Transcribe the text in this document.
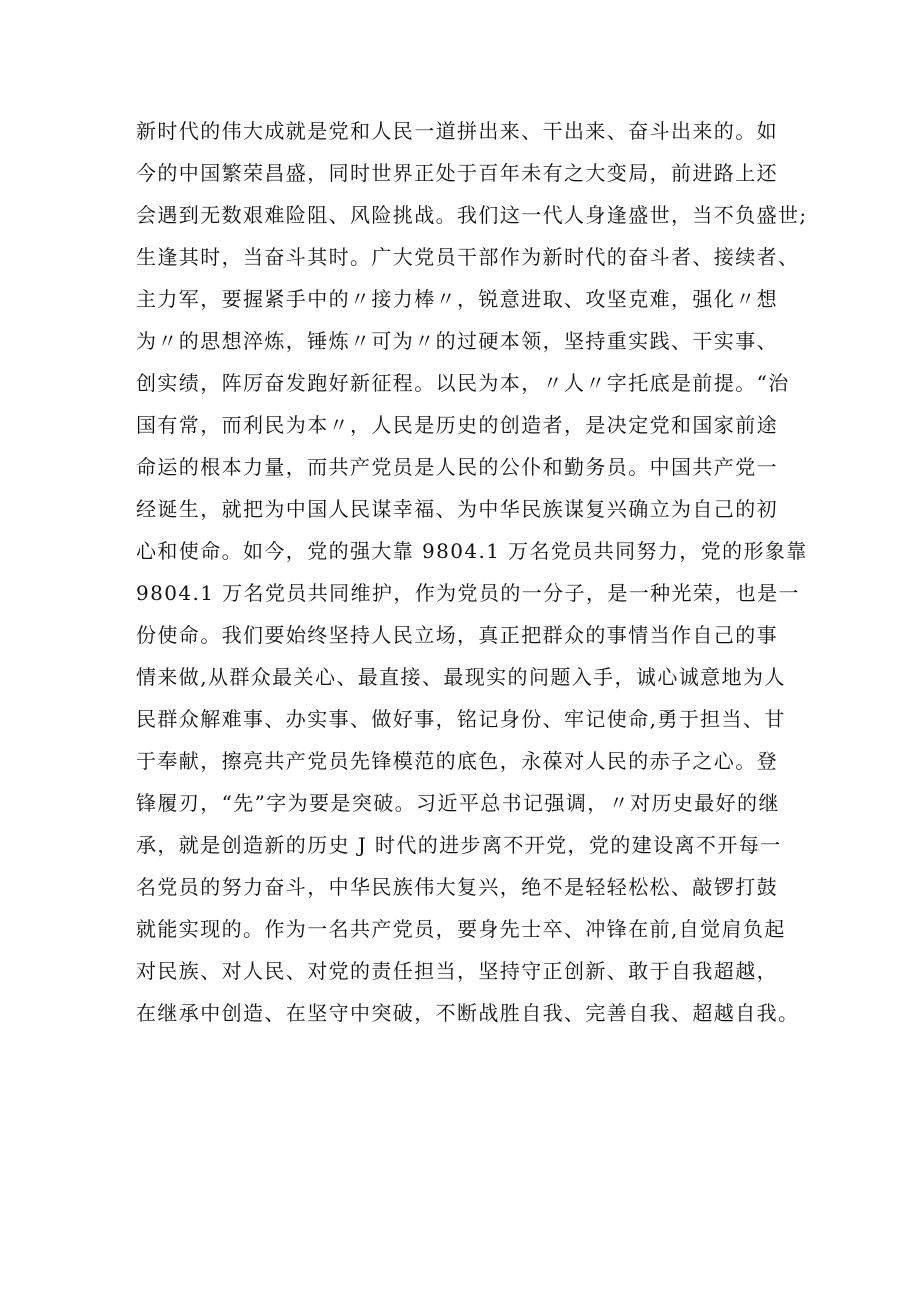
新时代的伟大成就是党和人民一道拼出来、干出来、奋斗出来的。如
今的中国繁荣昌盛，同时世界正处于百年未有之大变局，前进路上还
会遇到无数艰难险阻、风险挑战。我们这一代人身逢盛世，当不负盛世;
生逢其时，当奋斗其时。广大党员干部作为新时代的奋斗者、接续者、
主力军，要握紧手中的〃接力棒〃，锐意进取、攻坚克难，强化〃想
为〃的思想淬炼，锤炼〃可为〃的过硬本领，坚持重实践、干实事、
创实绩，阵厉奋发跑好新征程。以民为本，〃人〃字托底是前提。“治
国有常，而利民为本〃，人民是历史的创造者，是决定党和国家前途
命运的根本力量，而共产党员是人民的公仆和勤务员。中国共产党一
经诞生，就把为中国人民谋幸福、为中华民族谋复兴确立为自己的初
心和使命。如今，党的强大靠 9804.1 万名党员共同努力，党的形象靠
9804.1 万名党员共同维护，作为党员的一分子，是一种光荣，也是一
份使命。我们要始终坚持人民立场，真正把群众的事情当作自己的事
情来做,从群众最关心、最直接、最现实的问题入手，诚心诚意地为人
民群众解难事、办实事、做好事，铭记身份、牢记使命,勇于担当、甘
于奉献，擦亮共产党员先锋模范的底色，永葆对人民的赤子之心。登
锋履刃，“先”字为要是突破。习近平总书记强调，〃对历史最好的继
承，就是创造新的历史 J 时代的进步离不开党，党的建设离不开每一
名党员的努力奋斗，中华民族伟大复兴，绝不是轻轻松松、敲锣打鼓
就能实现的。作为一名共产党员，要身先士卒、冲锋在前,自觉肩负起
对民族、对人民、对党的责任担当，坚持守正创新、敢于自我超越，
在继承中创造、在坚守中突破，不断战胜自我、完善自我、超越自我。
